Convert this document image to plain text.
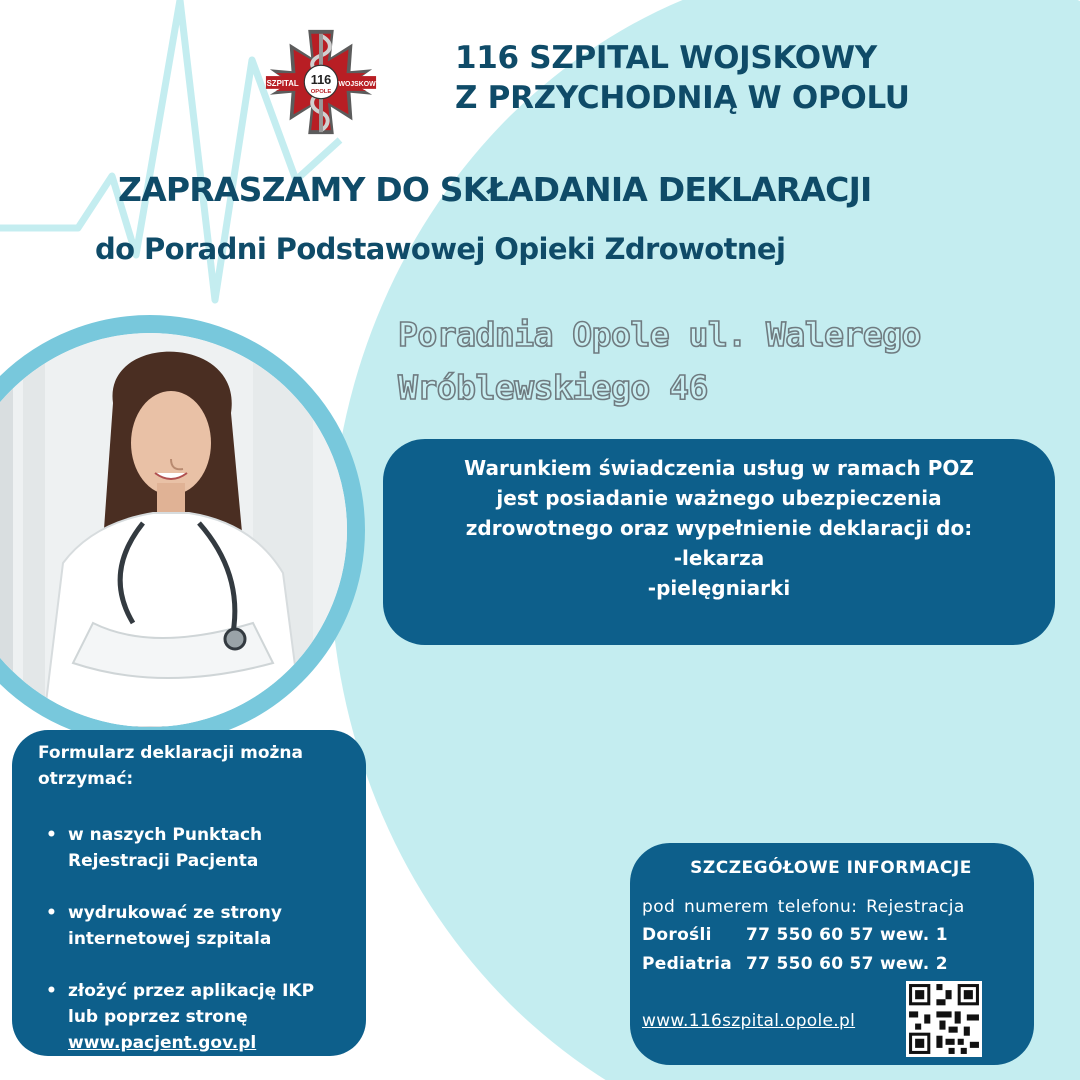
SZPITAL	WOJSKOWY
116
OPOLE
116 SZPITAL WOJSKOWY
Z PRZYCHODNIĄ W OPOLU
ZAPRASZAMY DO SKŁADANIA DEKLARACJI
do Poradni Podstawowej Opieki Zdrowotnej
Poradnia Opole ul. Walerego
Wróblewskiego 46
Warunkiem świadczenia usług w ramach POZ
jest posiadanie ważnego ubezpieczenia
zdrowotnego oraz wypełnienie deklaracji do:
-lekarza
-pielęgniarki
Formularz deklaracji można
otrzymać:
• w naszych Punktach
Rejestracji Pacjenta
• wydrukować ze strony
internetowej szpitala
• złożyć przez aplikację IKP
lub poprzez stronę
www.pacjent.gov.pl
SZCZEGÓŁOWE INFORMACJE
pod numerem telefonu: Rejestracja
Dorośli 77 550 60 57 wew. 1
Pediatria 77 550 60 57 wew. 2
www.116szpital.opole.pl
